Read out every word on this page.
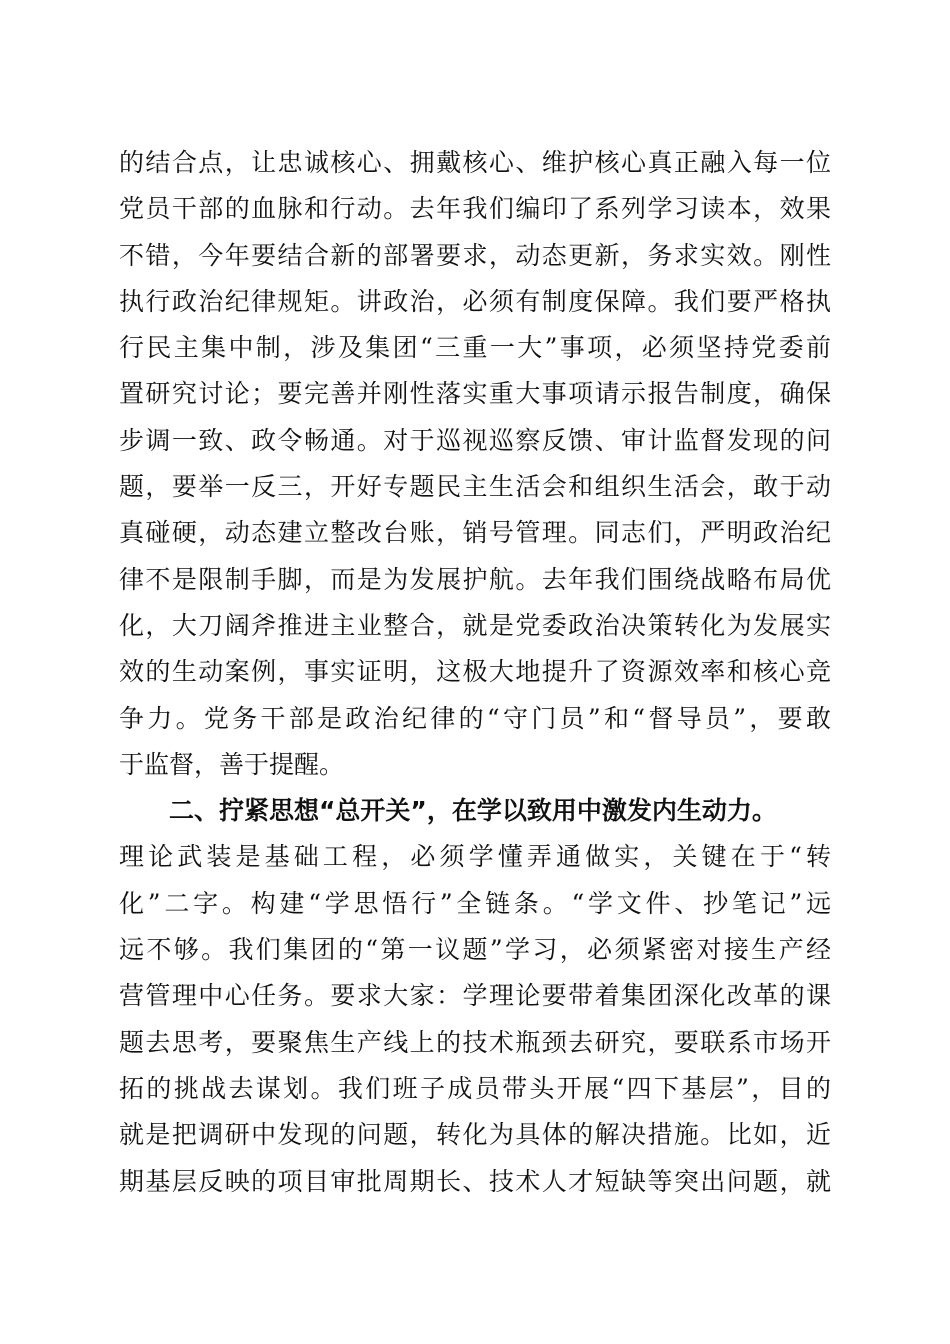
的结合点，让忠诚核心、拥戴核心、维护核心真正融入每一位
党员干部的血脉和行动。去年我们编印了系列学习读本，效果
不错，今年要结合新的部署要求，动态更新，务求实效。刚性
执行政治纪律规矩。讲政治，必须有制度保障。我们要严格执
行民主集中制，涉及集团“三重一大”事项，必须坚持党委前
置研究讨论；要完善并刚性落实重大事项请示报告制度，确保
步调一致、政令畅通。对于巡视巡察反馈、审计监督发现的问
题，要举一反三，开好专题民主生活会和组织生活会，敢于动
真碰硬，动态建立整改台账，销号管理。同志们，严明政治纪
律不是限制手脚，而是为发展护航。去年我们围绕战略布局优
化，大刀阔斧推进主业整合，就是党委政治决策转化为发展实
效的生动案例，事实证明，这极大地提升了资源效率和核心竞
争力。党务干部是政治纪律的“守门员”和“督导员”，要敢
于监督，善于提醒。
二、拧紧思想“总开关”，在学以致用中激发内生动力。
理论武装是基础工程，必须学懂弄通做实，关键在于“转
化”二字。构建“学思悟行”全链条。“学文件、抄笔记”远
远不够。我们集团的“第一议题”学习，必须紧密对接生产经
营管理中心任务。要求大家：学理论要带着集团深化改革的课
题去思考，要聚焦生产线上的技术瓶颈去研究，要联系市场开
拓的挑战去谋划。我们班子成员带头开展“四下基层”，目的
就是把调研中发现的问题，转化为具体的解决措施。比如，近
期基层反映的项目审批周期长、技术人才短缺等突出问题，就
